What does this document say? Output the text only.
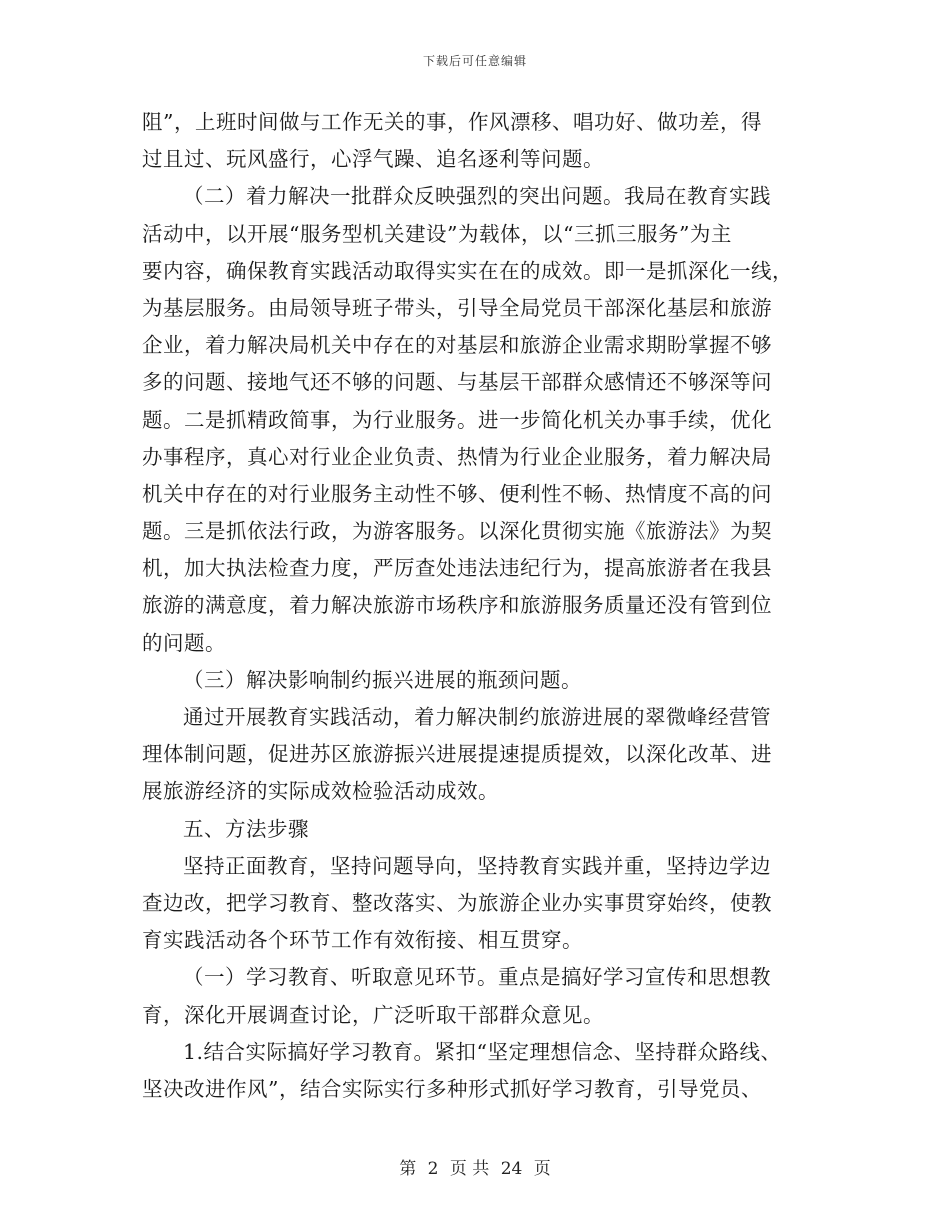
下载后可任意编辑
阻”，上班时间做与工作无关的事，作风漂移、唱功好、做功差，得
过且过、玩风盛行，心浮气躁、追名逐利等问题。
（二）着力解决一批群众反映强烈的突出问题。我局在教育实践
活动中，以开展“服务型机关建设”为载体，以“三抓三服务”为主
要内容，确保教育实践活动取得实实在在的成效。即一是抓深化一线，
为基层服务。由局领导班子带头，引导全局党员干部深化基层和旅游
企业，着力解决局机关中存在的对基层和旅游企业需求期盼掌握不够
多的问题、接地气还不够的问题、与基层干部群众感情还不够深等问
题。二是抓精政简事，为行业服务。进一步简化机关办事手续，优化
办事程序，真心对行业企业负责、热情为行业企业服务，着力解决局
机关中存在的对行业服务主动性不够、便利性不畅、热情度不高的问
题。三是抓依法行政，为游客服务。以深化贯彻实施《旅游法》为契
机，加大执法检查力度，严厉查处违法违纪行为，提高旅游者在我县
旅游的满意度，着力解决旅游市场秩序和旅游服务质量还没有管到位
的问题。
（三）解决影响制约振兴进展的瓶颈问题。
通过开展教育实践活动，着力解决制约旅游进展的翠微峰经营管
理体制问题，促进苏区旅游振兴进展提速提质提效，以深化改革、进
展旅游经济的实际成效检验活动成效。
五、方法步骤
坚持正面教育，坚持问题导向，坚持教育实践并重，坚持边学边
查边改，把学习教育、整改落实、为旅游企业办实事贯穿始终，使教
育实践活动各个环节工作有效衔接、相互贯穿。
（一）学习教育、听取意见环节。重点是搞好学习宣传和思想教
育，深化开展调查讨论，广泛听取干部群众意见。
1.结合实际搞好学习教育。紧扣“坚定理想信念、坚持群众路线、
坚决改进作风”，结合实际实行多种形式抓好学习教育，引导党员、
第 2 页 共 24 页
